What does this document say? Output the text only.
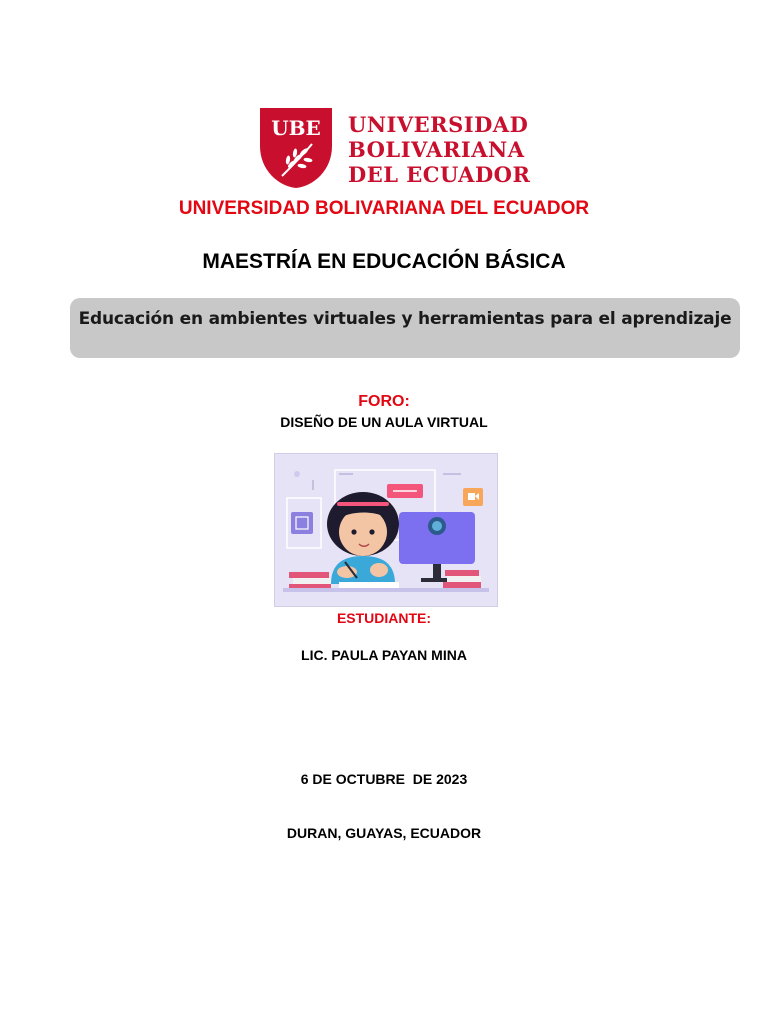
UBE	UNIVERSIDAD
BOLIVARIANA
DEL ECUADOR
UNIVERSIDAD BOLIVARIANA DEL ECUADOR
MAESTRÍA EN EDUCACIÓN BÁSICA
Educación en ambientes virtuales y herramientas para el aprendizaje
FORO:
DISEÑO DE UN AULA VIRTUAL
ESTUDIANTE:
LIC. PAULA PAYAN MINA
6 DE OCTUBRE  DE 2023
DURAN, GUAYAS, ECUADOR
